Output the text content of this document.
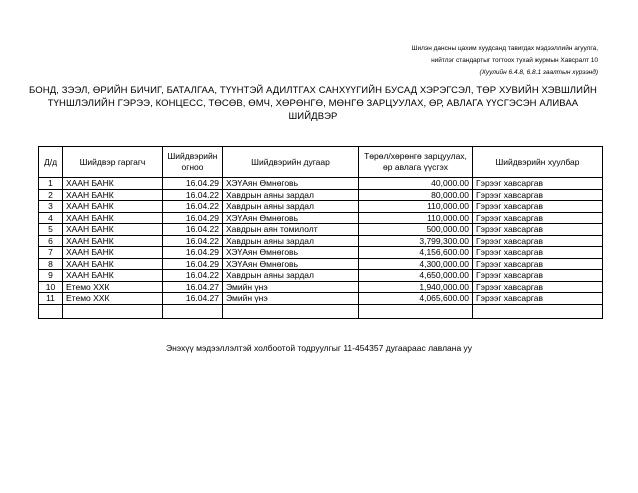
Шилэн дансны цахим хуудсанд тавигдах мэдээллийн агуулга,
нийтлэг стандартыг тогтоох тухай журмын Хавсралт 10
(Хуулийн 6.4.8, 6.8.1 заалтын хүрээнд)
БОНД, ЗЭЭЛ, ӨРИЙН БИЧИГ, БАТАЛГАА, ТҮҮНТЭЙ АДИЛТГАХ САНХҮҮГИЙН БУСАД ХЭРЭГСЭЛ, ТӨР ХУВИЙН ХЭВШЛИЙН
ТҮНШЛЭЛИЙН ГЭРЭЭ, КОНЦЕСС, ТӨСӨВ, ӨМЧ, ХӨРӨНГӨ, МӨНГӨ ЗАРЦУУЛАХ, ӨР, АВЛАГА ҮҮСГЭСЭН АЛИВАА ШИЙДВЭР
Д/д	Шийдвэр гаргагч	Шийдвэрийн огноо	Шийдвэрийн дугаар	Төрөл/хөрөнгө зарцуулах, өр авлага үүсгэх	Шийдвэрийн хуулбар
1	ХААН БАНК	16.04.29	ХЭҮАян Өмнөговь	40,000.00	Гэрээг хавсаргав
2	ХААН БАНК	16.04.22	Хавдрын аяны зардал	80,000.00	Гэрээг хавсаргав
3	ХААН БАНК	16.04.22	Хавдрын аяны зардал	110,000.00	Гэрээг хавсаргав
4	ХААН БАНК	16.04.29	ХЭҮАян Өмнөговь	110,000.00	Гэрээг хавсаргав
5	ХААН БАНК	16.04.22	Хавдрын аян томилолт	500,000.00	Гэрээг хавсаргав
6	ХААН БАНК	16.04.22	Хавдрын аяны зардал	3,799,300.00	Гэрээг хавсаргав
7	ХААН БАНК	16.04.29	ХЭҮАян Өмнөговь	4,156,600.00	Гэрээг хавсаргав
8	ХААН БАНК	16.04.29	ХЭҮАян Өмнөговь	4,300,000.00	Гэрээг хавсаргав
9	ХААН БАНК	16.04.22	Хавдрын аяны зардал	4,650,000.00	Гэрээг хавсаргав
10	Етемо ХХК	16.04.27	Эмийн үнэ	1,940,000.00	Гэрээг хавсаргав
11	Етемо ХХК	16.04.27	Эмийн үнэ	4,065,600.00	Гэрээг хавсаргав

Энэхүү мэдээллэлтэй холбоотой тодруулгыг 11-454357 дугаараас лавлана уу
